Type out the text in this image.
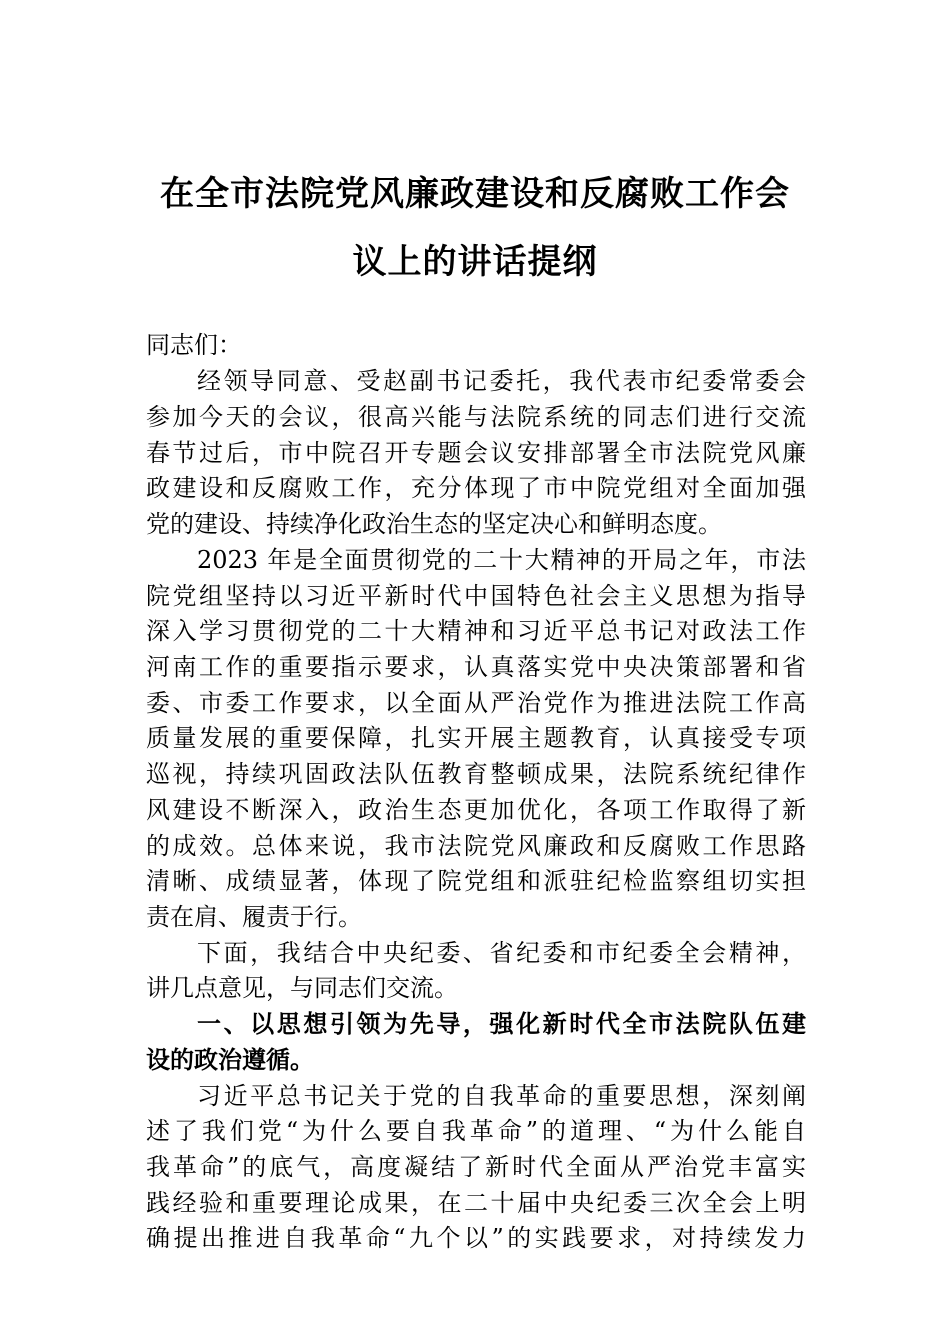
在全市法院党风廉政建设和反腐败工作会
议上的讲话提纲
同志们：
经领导同意、受赵副书记委托，我代表市纪委常委会
参加今天的会议，很高兴能与法院系统的同志们进行交流
春节过后，市中院召开专题会议安排部署全市法院党风廉
政建设和反腐败工作，充分体现了市中院党组对全面加强
党的建设、持续净化政治生态的坚定决心和鲜明态度。
2023 年是全面贯彻党的二十大精神的开局之年，市法
院党组坚持以习近平新时代中国特色社会主义思想为指导
深入学习贯彻党的二十大精神和习近平总书记对政法工作
河南工作的重要指示要求，认真落实党中央决策部署和省
委、市委工作要求，以全面从严治党作为推进法院工作高
质量发展的重要保障，扎实开展主题教育，认真接受专项
巡视，持续巩固政法队伍教育整顿成果，法院系统纪律作
风建设不断深入，政治生态更加优化，各项工作取得了新
的成效。总体来说，我市法院党风廉政和反腐败工作思路
清晰、成绩显著，体现了院党组和派驻纪检监察组切实担
责在肩、履责于行。
下面，我结合中央纪委、省纪委和市纪委全会精神，
讲几点意见，与同志们交流。
一、以思想引领为先导，强化新时代全市法院队伍建
设的政治遵循。
习近平总书记关于党的自我革命的重要思想，深刻阐
述了我们党“为什么要自我革命”的道理、“为什么能自
我革命”的底气，高度凝结了新时代全面从严治党丰富实
践经验和重要理论成果，在二十届中央纪委三次全会上明
确提出推进自我革命“九个以”的实践要求，对持续发力
